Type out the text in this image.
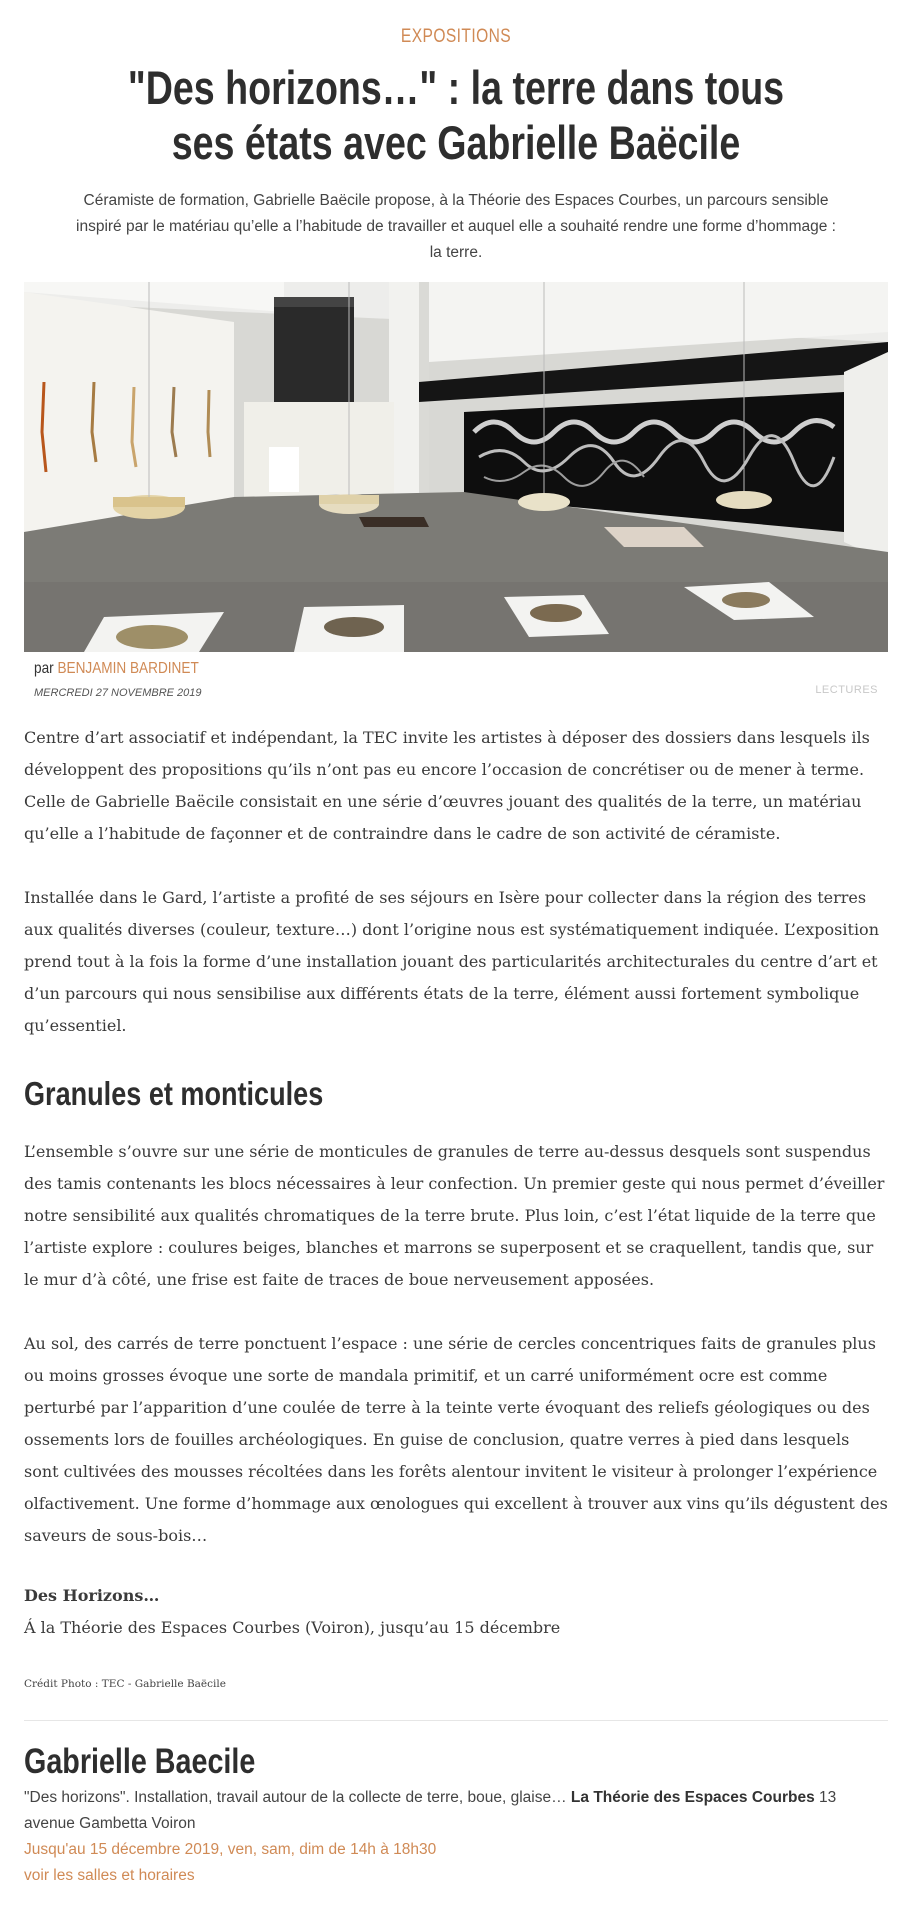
EXPOSITIONS
"Des horizons…" : la terre dans tous ses états avec Gabrielle Baëcile
Céramiste de formation, Gabrielle Baëcile propose, à la Théorie des Espaces Courbes, un parcours sensible inspiré par le matériau qu’elle a l’habitude de travailler et auquel elle a souhaité rendre une forme d’hommage : la terre.
par BENJAMIN BARDINET
MERCREDI 27 NOVEMBRE 2019	LECTURES

Centre d’art associatif et indépendant, la TEC invite les artistes à déposer des dossiers dans lesquels ils développent des propositions qu’ils n’ont pas eu encore l’occasion de concrétiser ou de mener à terme. Celle de Gabrielle Baëcile consistait en une série d’œuvres jouant des qualités de la terre, un matériau qu’elle a l’habitude de façonner et de contraindre dans le cadre de son activité de céramiste.

Installée dans le Gard, l’artiste a profité de ses séjours en Isère pour collecter dans la région des terres aux qualités diverses (couleur, texture…) dont l’origine nous est systématiquement indiquée. L’exposition prend tout à la fois la forme d’une installation jouant des particularités architecturales du centre d’art et d’un parcours qui nous sensibilise aux différents états de la terre, élément aussi fortement symbolique qu’essentiel.

Granules et monticules

L’ensemble s’ouvre sur une série de monticules de granules de terre au-dessus desquels sont suspendus des tamis contenants les blocs nécessaires à leur confection. Un premier geste qui nous permet d’éveiller notre sensibilité aux qualités chromatiques de la terre brute. Plus loin, c’est l’état liquide de la terre que l’artiste explore : coulures beiges, blanches et marrons se superposent et se craquellent, tandis que, sur le mur d’à côté, une frise est faite de traces de boue nerveusement apposées.

Au sol, des carrés de terre ponctuent l’espace : une série de cercles concentriques faits de granules plus ou moins grosses évoque une sorte de mandala primitif, et un carré uniformément ocre est comme perturbé par l’apparition d’une coulée de terre à la teinte verte évoquant des reliefs géologiques ou des ossements lors de fouilles archéologiques. En guise de conclusion, quatre verres à pied dans lesquels sont cultivées des mousses récoltées dans les forêts alentour invitent le visiteur à prolonger l’expérience olfactivement. Une forme d’hommage aux œnologues qui excellent à trouver aux vins qu’ils dégustent des saveurs de sous-bois…

Des Horizons…
Á la Théorie des Espaces Courbes (Voiron), jusqu’au 15 décembre
Crédit Photo : TEC - Gabrielle Baëcile
Gabrielle Baecile
"Des horizons". Installation, travail autour de la collecte de terre, boue, glaise… La Théorie des Espaces Courbes 13 avenue Gambetta Voiron
Jusqu'au 15 décembre 2019, ven, sam, dim de 14h à 18h30
voir les salles et horaires
